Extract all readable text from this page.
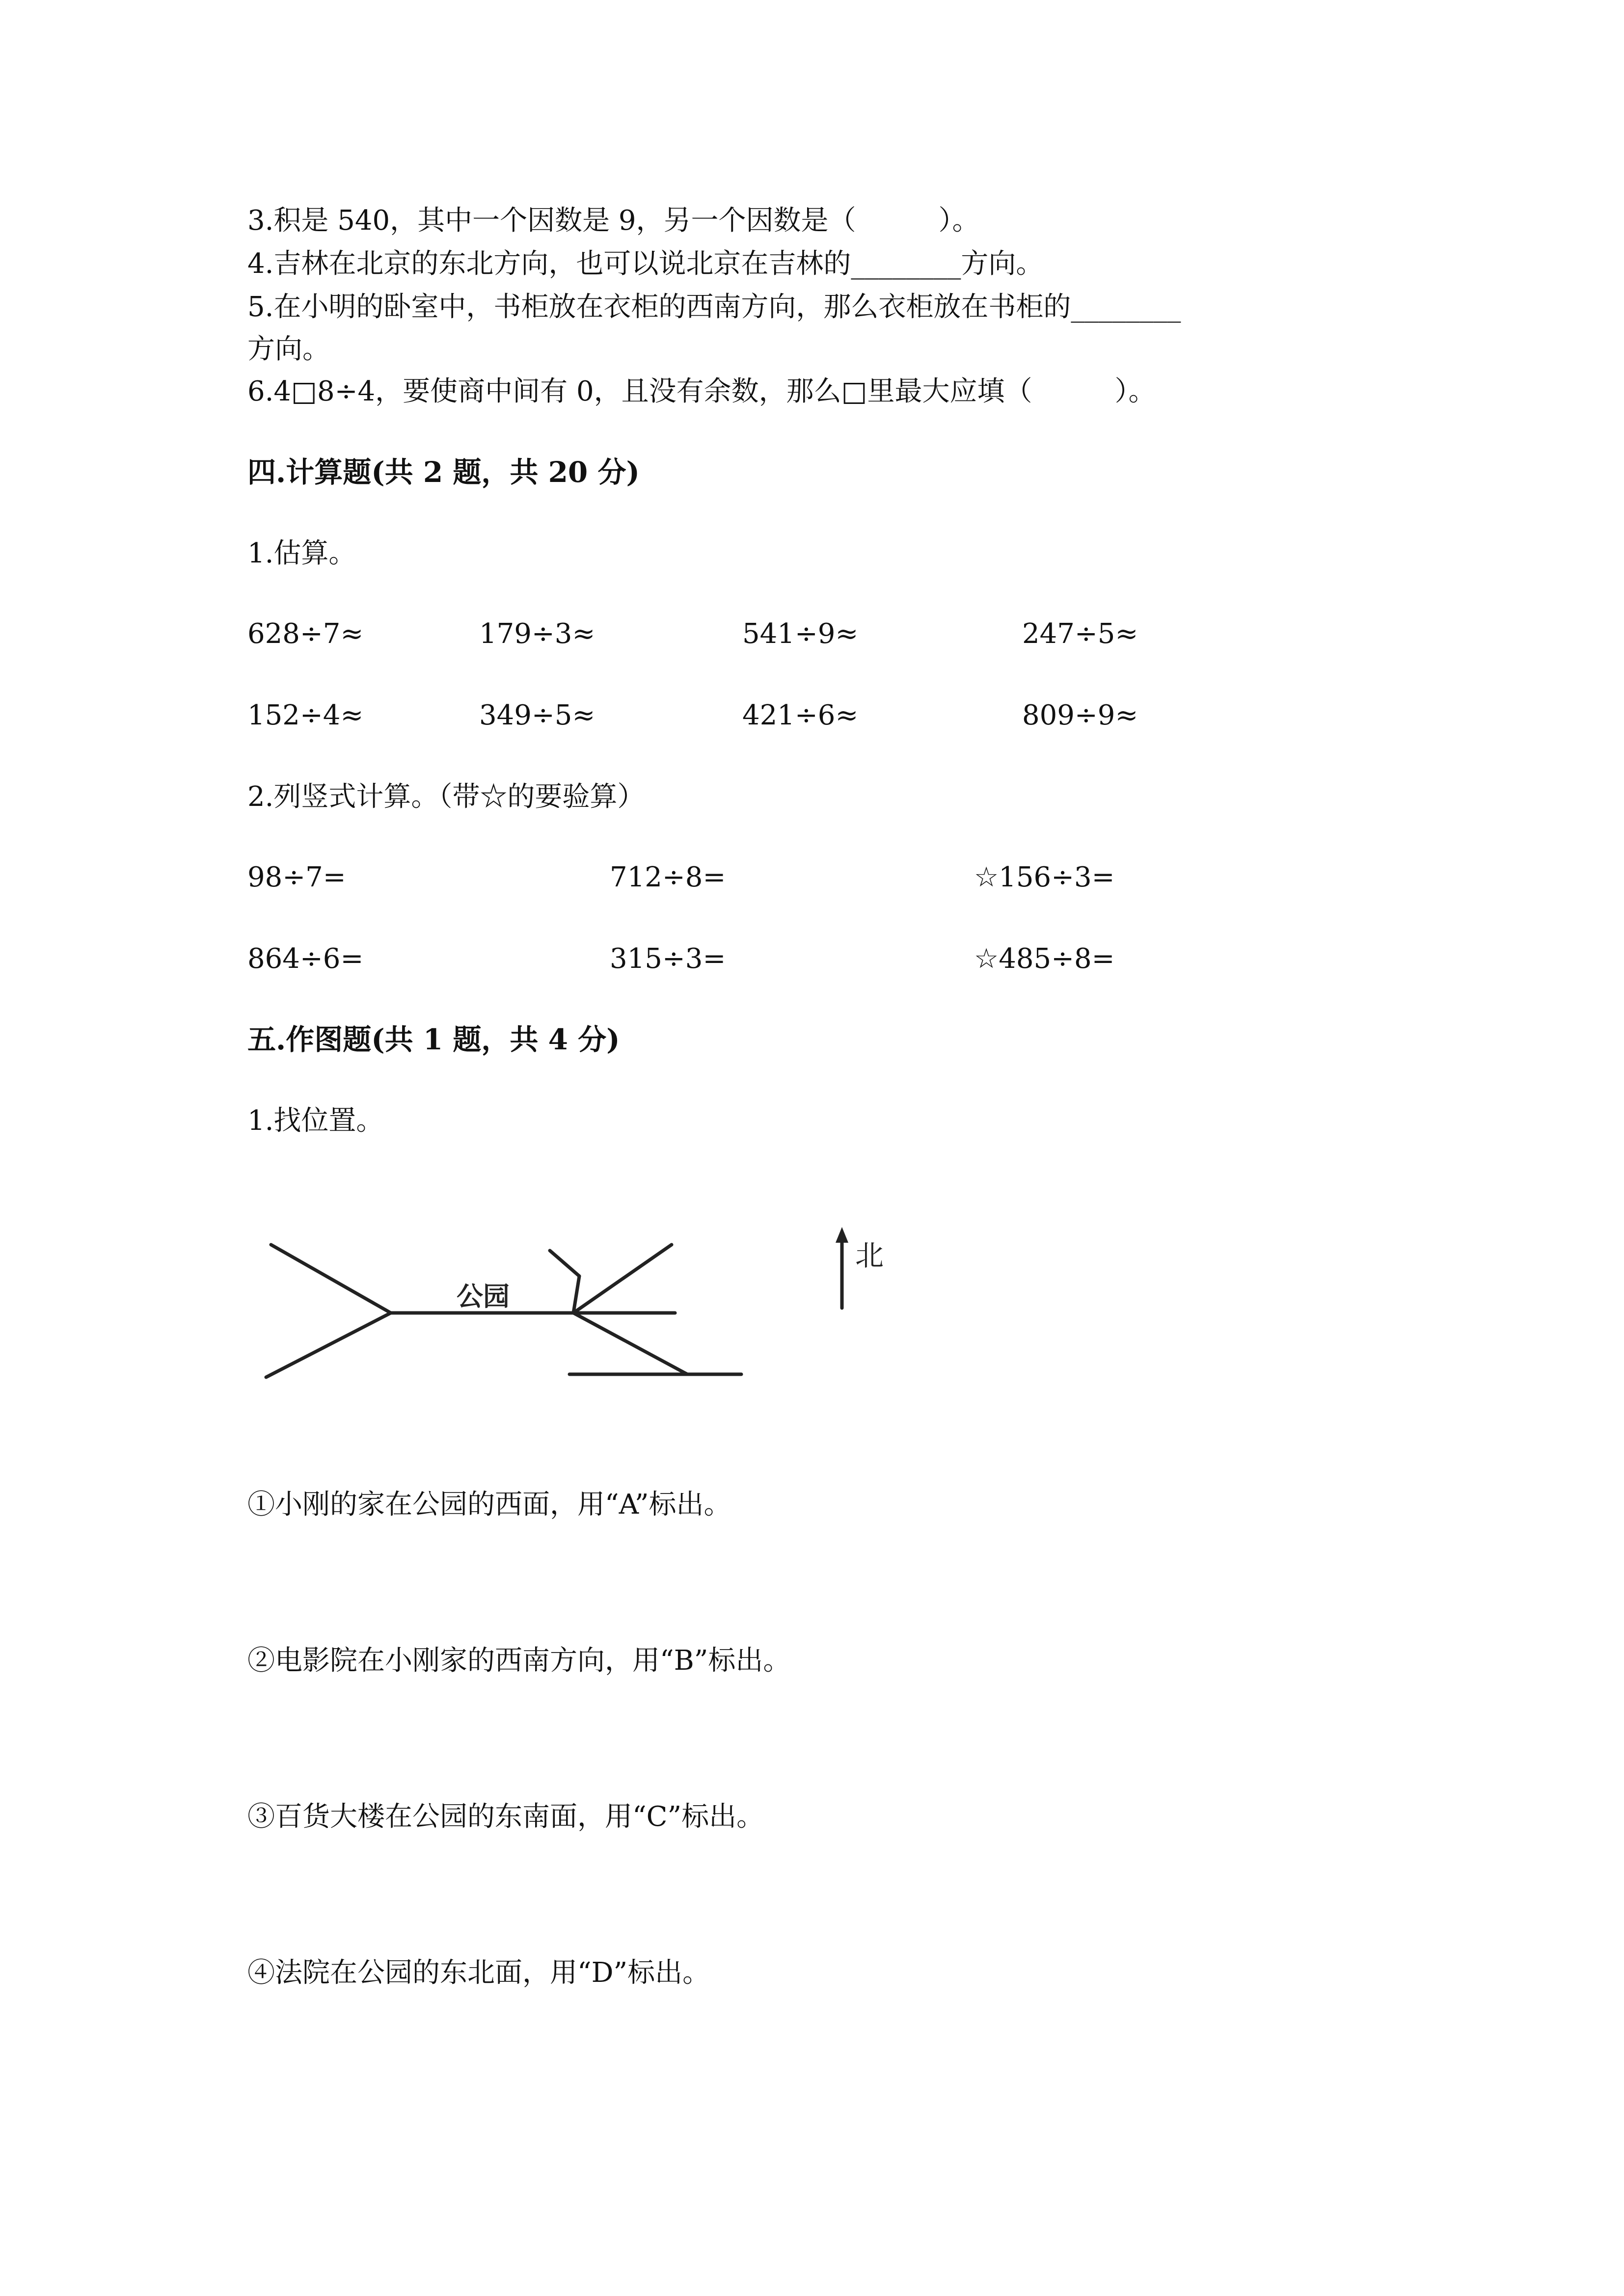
3.积是 540，其中一个因数是 9，另一个因数是（　　　）。
4.吉林在北京的东北方向，也可以说北京在吉林的________方向。
5.在小明的卧室中，书柜放在衣柜的西南方向，那么衣柜放在书柜的________
方向。
6.4□8÷4，要使商中间有 0，且没有余数，那么□里最大应填（　　　）。
四.计算题(共 2 题，共 20 分)
1.估算。
628÷7≈	179÷3≈	541÷9≈	247÷5≈
152÷4≈	349÷5≈	421÷6≈	809÷9≈
2.列竖式计算。（带☆的要验算）
98÷7=	712÷8=	☆156÷3=
864÷6=	315÷3=	☆485÷8=
五.作图题(共 1 题，共 4 分)
1.找位置。
公园
北
①小刚的家在公园的西面，用“A”标出。
②电影院在小刚家的西南方向，用“B”标出。
③百货大楼在公园的东南面，用“C”标出。
④法院在公园的东北面，用“D”标出。
